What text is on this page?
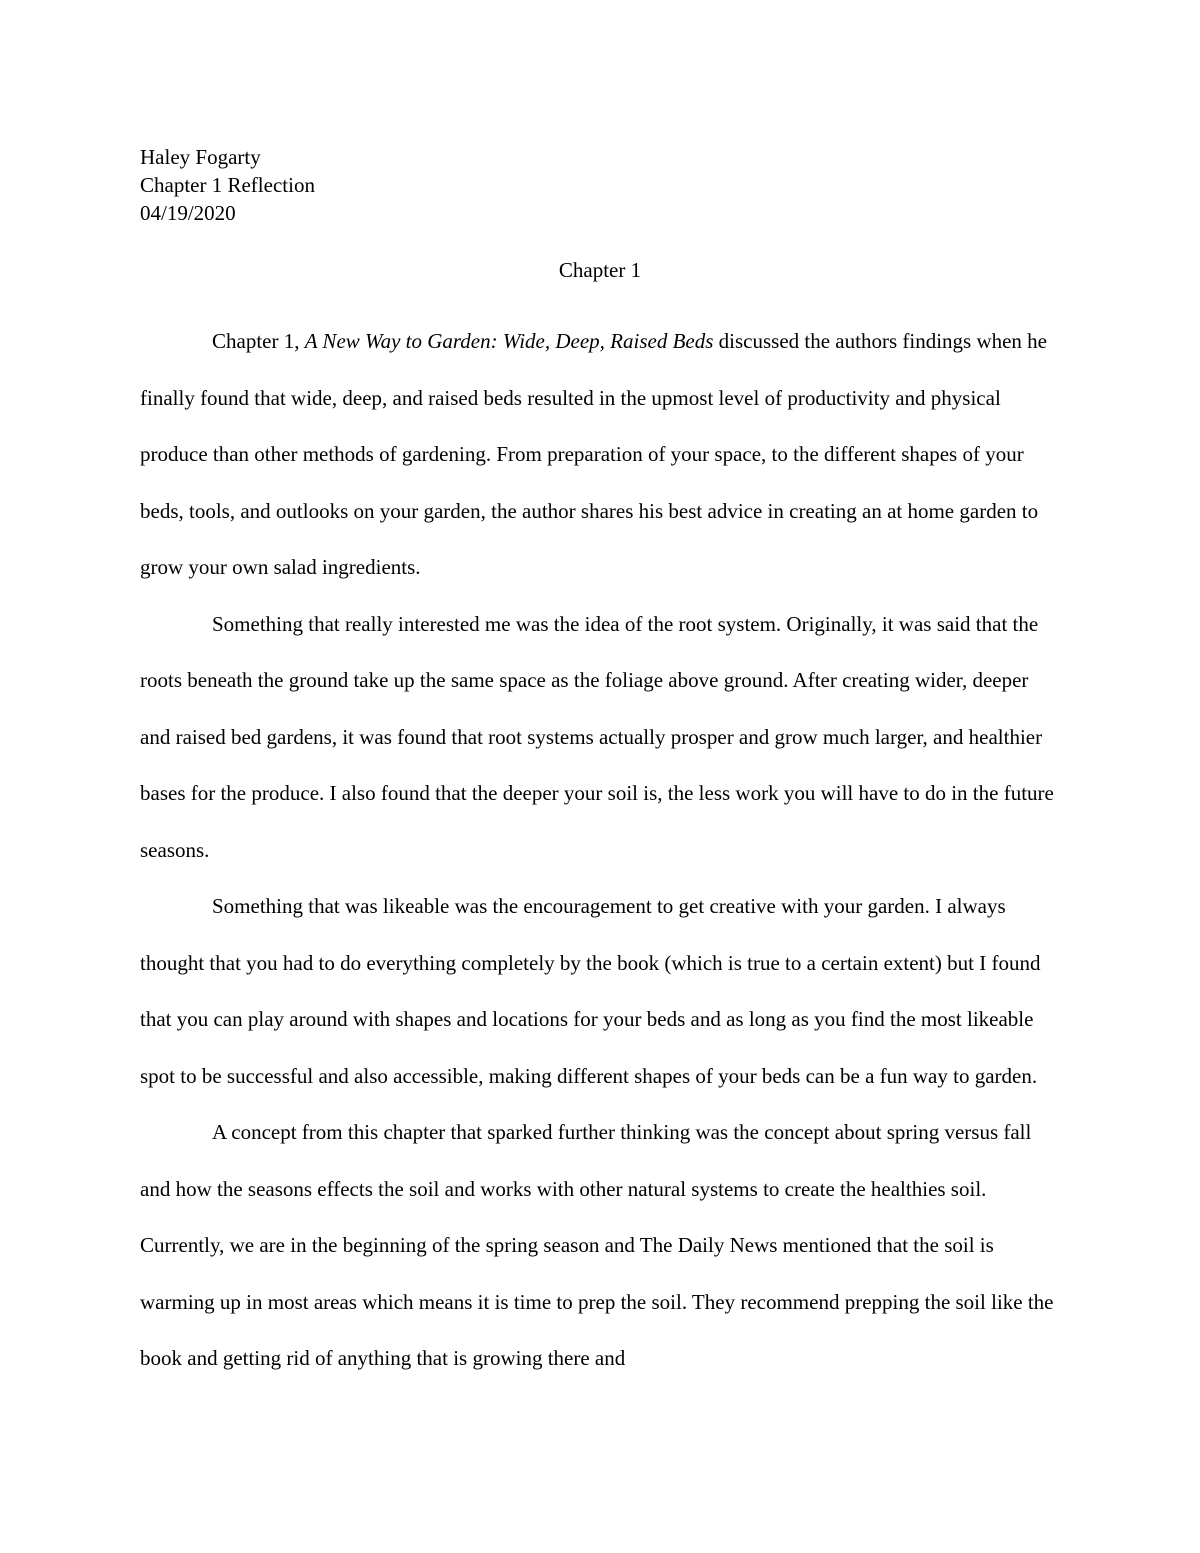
Haley Fogarty
Chapter 1 Reflection
04/19/2020
Chapter 1

Chapter 1, A New Way to Garden: Wide, Deep, Raised Beds discussed the authors findings when he finally found that wide, deep, and raised beds resulted in the upmost level of productivity and physical produce than other methods of gardening. From preparation of your space, to the different shapes of your beds, tools, and outlooks on your garden, the author shares his best advice in creating an at home garden to grow your own salad ingredients.

Something that really interested me was the idea of the root system. Originally, it was said that the roots beneath the ground take up the same space as the foliage above ground. After creating wider, deeper and raised bed gardens, it was found that root systems actually prosper and grow much larger, and healthier bases for the produce. I also found that the deeper your soil is, the less work you will have to do in the future seasons.

Something that was likeable was the encouragement to get creative with your garden. I always thought that you had to do everything completely by the book (which is true to a certain extent) but I found that you can play around with shapes and locations for your beds and as long as you find the most likeable spot to be successful and also accessible, making different shapes of your beds can be a fun way to garden.

A concept from this chapter that sparked further thinking was the concept about spring versus fall and how the seasons effects the soil and works with other natural systems to create the healthies soil. Currently, we are in the beginning of the spring season and The Daily News mentioned that the soil is warming up in most areas which means it is time to prep the soil. They recommend prepping the soil like the book and getting rid of anything that is growing there and
